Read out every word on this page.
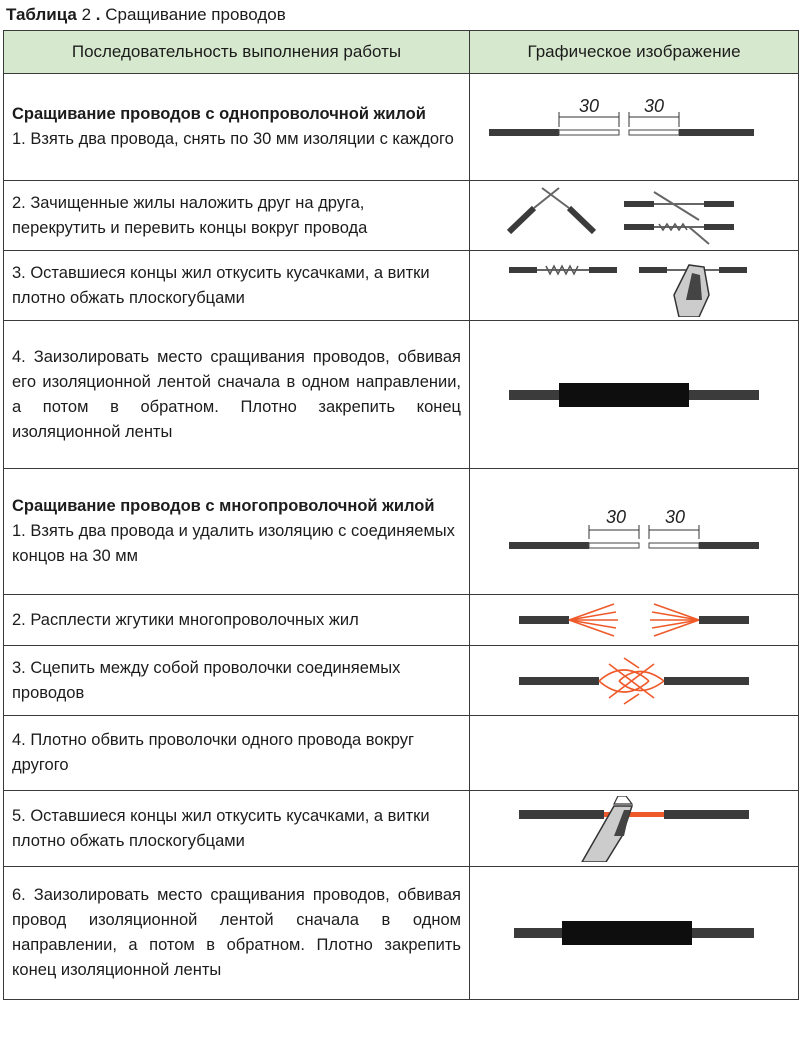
Таблица 2 . Сращивание проводов
Последовательность выполнения работы	Графическое изображение

Сращивание проводов с однопроволочной жилой
1. Взять два провода, снять по 30 мм изоляции с каждого	30 30

2. Зачищенные жилы наложить друг на друга, перекрутить и перевить концы вокруг провода	

3. Оставшиеся концы жил откусить кусачками, а витки плотно обжать плоскогубцами	

4. Заизолировать место сращивания проводов, обвивая его изоляционной лентой сначала в одном направлении, а потом в обратном. Плотно закрепить конец изоляционной ленты	

Сращивание проводов с многопроволочной жилой
1. Взять два провода и удалить изоляцию с соединяемых концов на 30 мм	30 30

2. Расплести жгутики многопроволочных жил	

3. Сцепить между собой проволочки соединяемых проводов	

4. Плотно обвить проволочки одного провода вокруг другого	
5. Оставшиеся концы жил откусить кусачками, а витки плотно обжать плоскогубцами	

6. Заизолировать место сращивания проводов, обвивая провод изоляционной лентой сначала в одном направлении, а потом в обратном. Плотно закрепить конец изоляционной ленты	
